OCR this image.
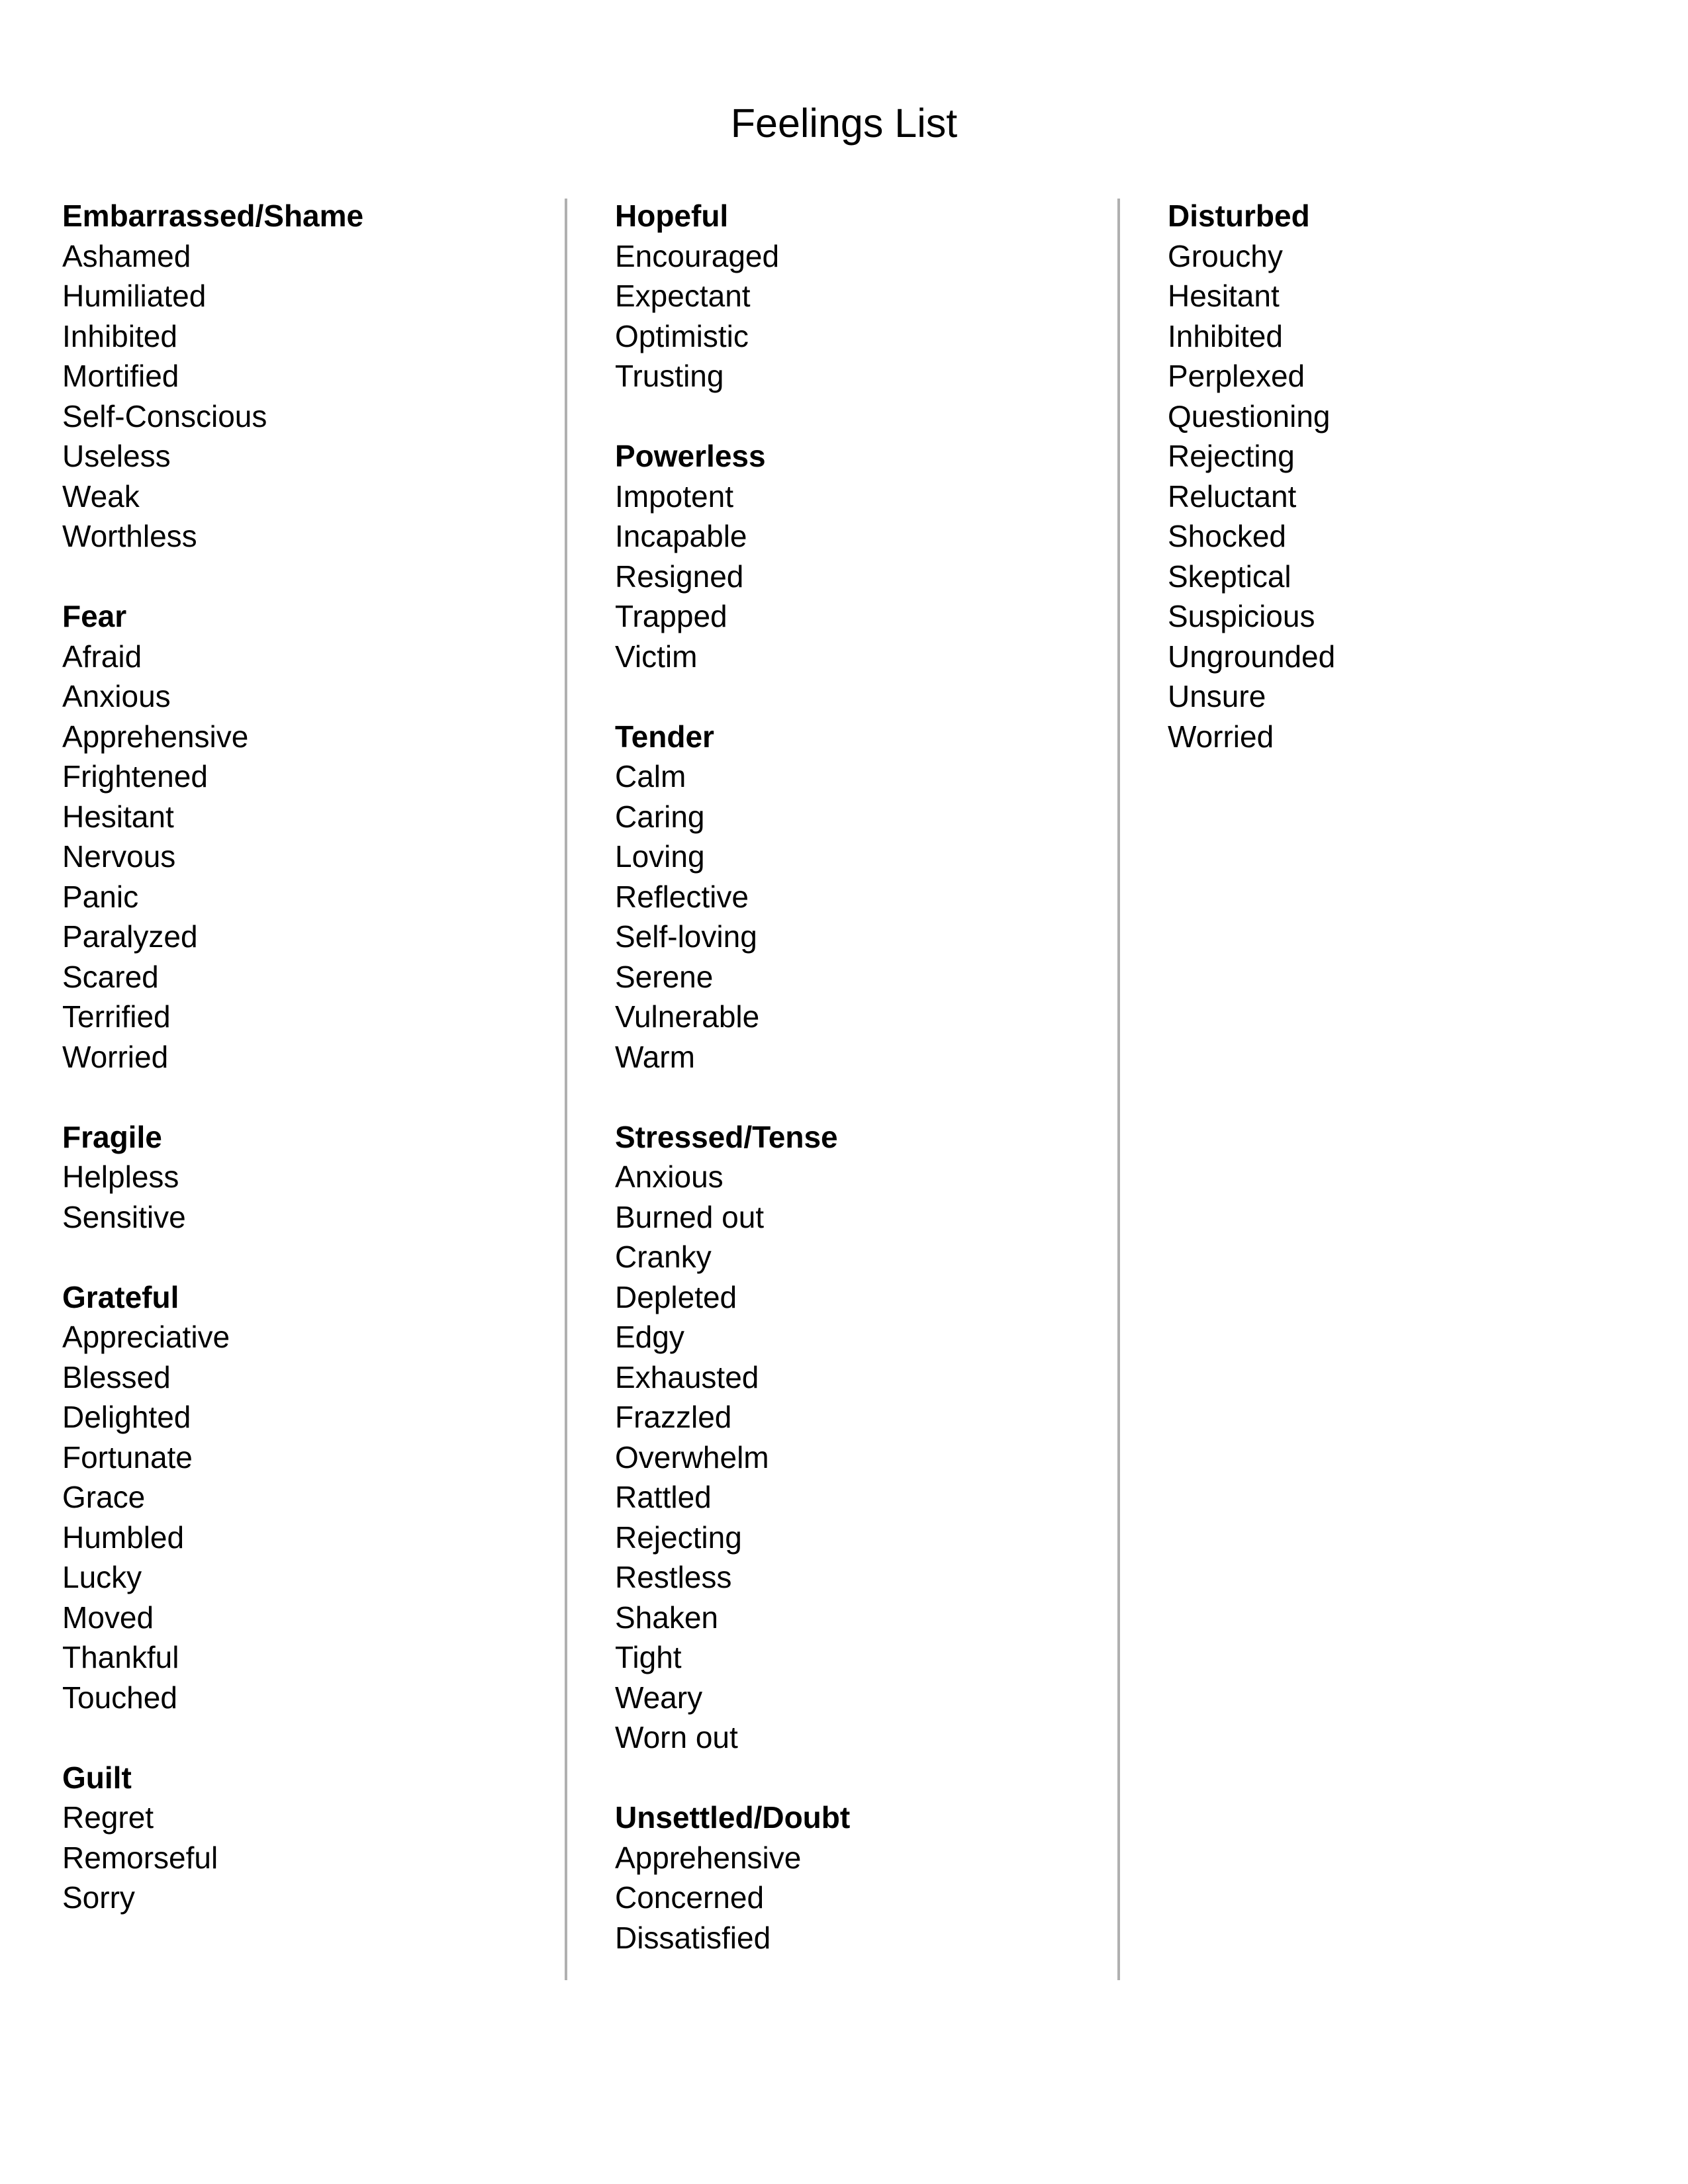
Feelings List
Embarrassed/Shame
Ashamed
Humiliated
Inhibited
Mortified
Self-Conscious
Useless
Weak
Worthless
Fear
Afraid
Anxious
Apprehensive
Frightened
Hesitant
Nervous
Panic
Paralyzed
Scared
Terrified
Worried
Fragile
Helpless
Sensitive
Grateful
Appreciative
Blessed
Delighted
Fortunate
Grace
Humbled
Lucky
Moved
Thankful
Touched
Guilt
Regret
Remorseful
Sorry
Hopeful
Encouraged
Expectant
Optimistic
Trusting
Powerless
Impotent
Incapable
Resigned
Trapped
Victim
Tender
Calm
Caring
Loving
Reflective
Self-loving
Serene
Vulnerable
Warm
Stressed/Tense
Anxious
Burned out
Cranky
Depleted
Edgy
Exhausted
Frazzled
Overwhelm
Rattled
Rejecting
Restless
Shaken
Tight
Weary
Worn out
Unsettled/Doubt
Apprehensive
Concerned
Dissatisfied
Disturbed
Grouchy
Hesitant
Inhibited
Perplexed
Questioning
Rejecting
Reluctant
Shocked
Skeptical
Suspicious
Ungrounded
Unsure
Worried
